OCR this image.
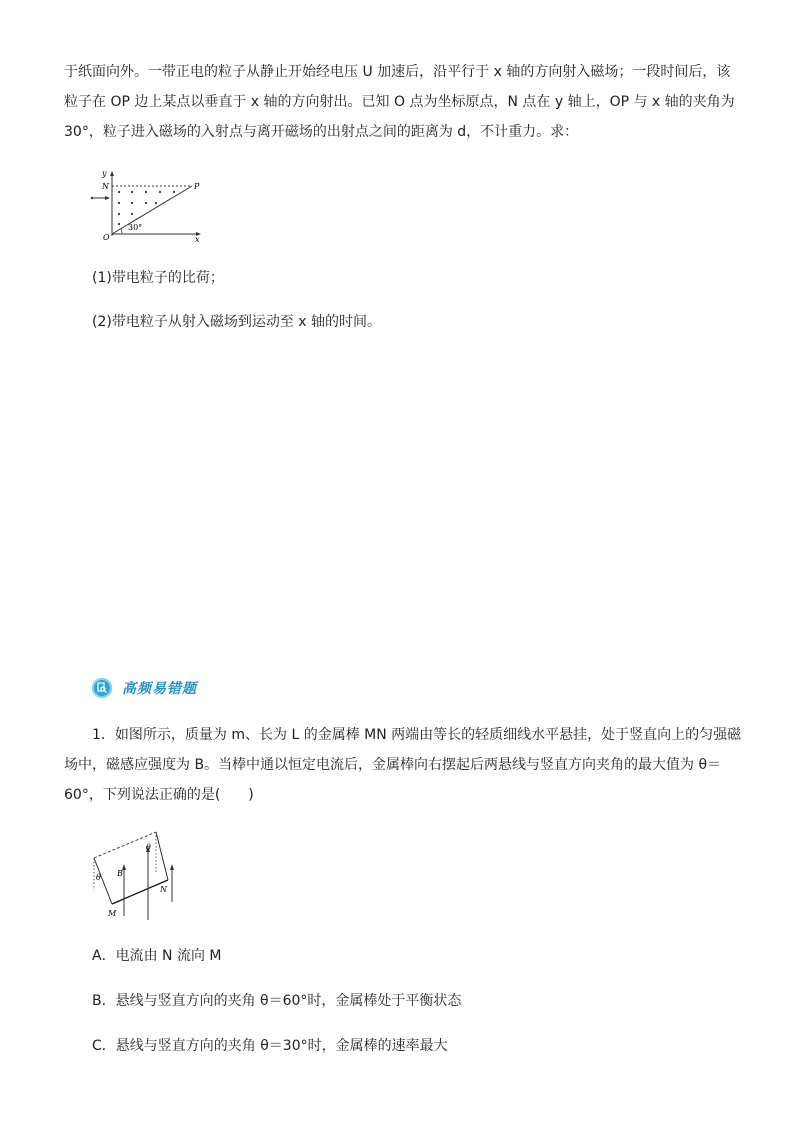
于纸面向外。一带正电的粒子从静止开始经电压 U 加速后，沿平行于 x 轴的方向射入磁场；一段时间后，该
粒子在 OP 边上某点以垂直于 x 轴的方向射出。已知 O 点为坐标原点，N 点在 y 轴上，OP 与 x 轴的夹角为
30°，粒子进入磁场的入射点与离开磁场的出射点之间的距离为 d，不计重力。求：
y
N	P
O	x
30°
(1)带电粒子的比荷；
(2)带电粒子从射入磁场到运动至 x 轴的时间。
高频易错题
1．如图所示，质量为 m、长为 L 的金属棒 MN 两端由等长的轻质细线水平悬挂，处于竖直向上的匀强磁
场中，磁感应强度为 B。当棒中通以恒定电流后，金属棒向右摆起后两悬线与竖直方向夹角的最大值为 θ＝
60°，下列说法正确的是(　　)
θ
θ
B
M
N
A．电流由 N 流向 M
B．悬线与竖直方向的夹角 θ＝60°时，金属棒处于平衡状态
C．悬线与竖直方向的夹角 θ＝30°时，金属棒的速率最大
